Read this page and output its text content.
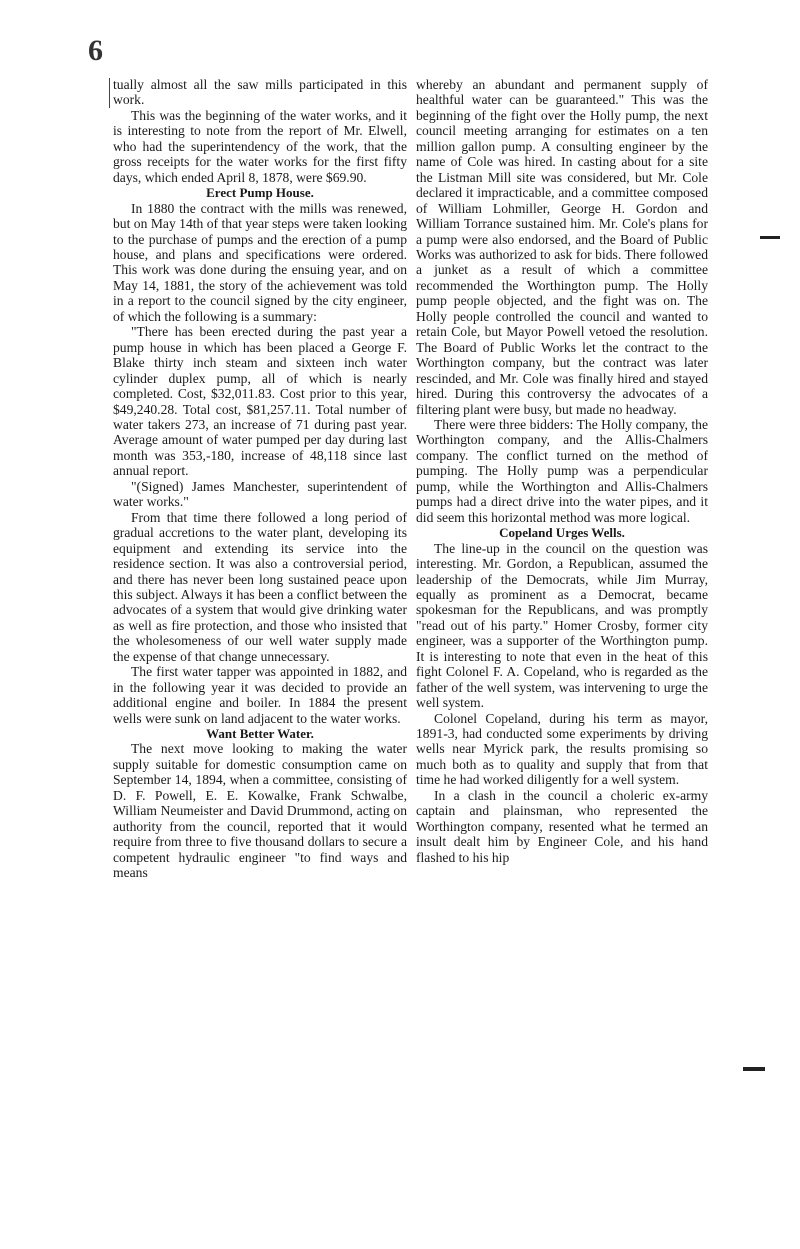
6

tually almost all the saw mills participated in this work.

This was the beginning of the water works, and it is interesting to note from the report of Mr. Elwell, who had the superintendency of the work, that the gross receipts for the water works for the first fifty days, which ended April 8, 1878, were $69.90.

Erect Pump House.

In 1880 the contract with the mills was renewed, but on May 14th of that year steps were taken looking to the purchase of pumps and the erection of a pump house, and plans and specifications were ordered. This work was done during the ensuing year, and on May 14, 1881, the story of the achievement was told in a report to the council signed by the city engineer, of which the following is a summary:

"There has been erected during the past year a pump house in which has been placed a George F. Blake thirty inch steam and sixteen inch water cylinder duplex pump, all of which is nearly completed. Cost, $32,011.83. Cost prior to this year, $49,240.28. Total cost, $81,257.11. Total number of water takers 273, an increase of 71 during past year. Average amount of water pumped per day during last month was 353,-180, increase of 48,118 since last annual report.

"(Signed) James Manchester, superintendent of water works."

From that time there followed a long period of gradual accretions to the water plant, developing its equipment and extending its service into the residence section. It was also a controversial period, and there has never been long sustained peace upon this subject. Always it has been a conflict between the advocates of a system that would give drinking water as well as fire protection, and those who insisted that the wholesomeness of our well water supply made the expense of that change unnecessary.

The first water tapper was appointed in 1882, and in the following year it was decided to provide an additional engine and boiler. In 1884 the present wells were sunk on land adjacent to the water works.

Want Better Water.

The next move looking to making the water supply suitable for domestic consumption came on September 14, 1894, when a committee, consisting of D. F. Powell, E. E. Kowalke, Frank Schwalbe, William Neumeister and David Drummond, acting on authority from the council, reported that it would require from three to five thousand dollars to secure a competent hydraulic engineer "to find ways and means

whereby an abundant and permanent supply of healthful water can be guaranteed." This was the beginning of the fight over the Holly pump, the next council meeting arranging for estimates on a ten million gallon pump. A consulting engineer by the name of Cole was hired. In casting about for a site the Listman Mill site was considered, but Mr. Cole declared it impracticable, and a committee composed of William Lohmiller, George H. Gordon and William Torrance sustained him. Mr. Cole's plans for a pump were also endorsed, and the Board of Public Works was authorized to ask for bids. There followed a junket as a result of which a committee recommended the Worthington pump. The Holly pump people objected, and the fight was on. The Holly people controlled the council and wanted to retain Cole, but Mayor Powell vetoed the resolution. The Board of Public Works let the contract to the Worthington company, but the contract was later rescinded, and Mr. Cole was finally hired and stayed hired. During this controversy the advocates of a filtering plant were busy, but made no headway.

There were three bidders: The Holly company, the Worthington company, and the Allis-Chalmers company. The conflict turned on the method of pumping. The Holly pump was a perpendicular pump, while the Worthington and Allis-Chalmers pumps had a direct drive into the water pipes, and it did seem this horizontal method was more logical.

Copeland Urges Wells.

The line-up in the council on the question was interesting. Mr. Gordon, a Republican, assumed the leadership of the Democrats, while Jim Murray, equally as prominent as a Democrat, became spokesman for the Republicans, and was promptly "read out of his party." Homer Crosby, former city engineer, was a supporter of the Worthington pump. It is interesting to note that even in the heat of this fight Colonel F. A. Copeland, who is regarded as the father of the well system, was intervening to urge the well system.

Colonel Copeland, during his term as mayor, 1891-3, had conducted some experiments by driving wells near Myrick park, the results promising so much both as to quality and supply that from that time he had worked diligently for a well system.

In a clash in the council a choleric ex-army captain and plainsman, who represented the Worthington company, resented what he termed an insult dealt him by Engineer Cole, and his hand flashed to his hip
